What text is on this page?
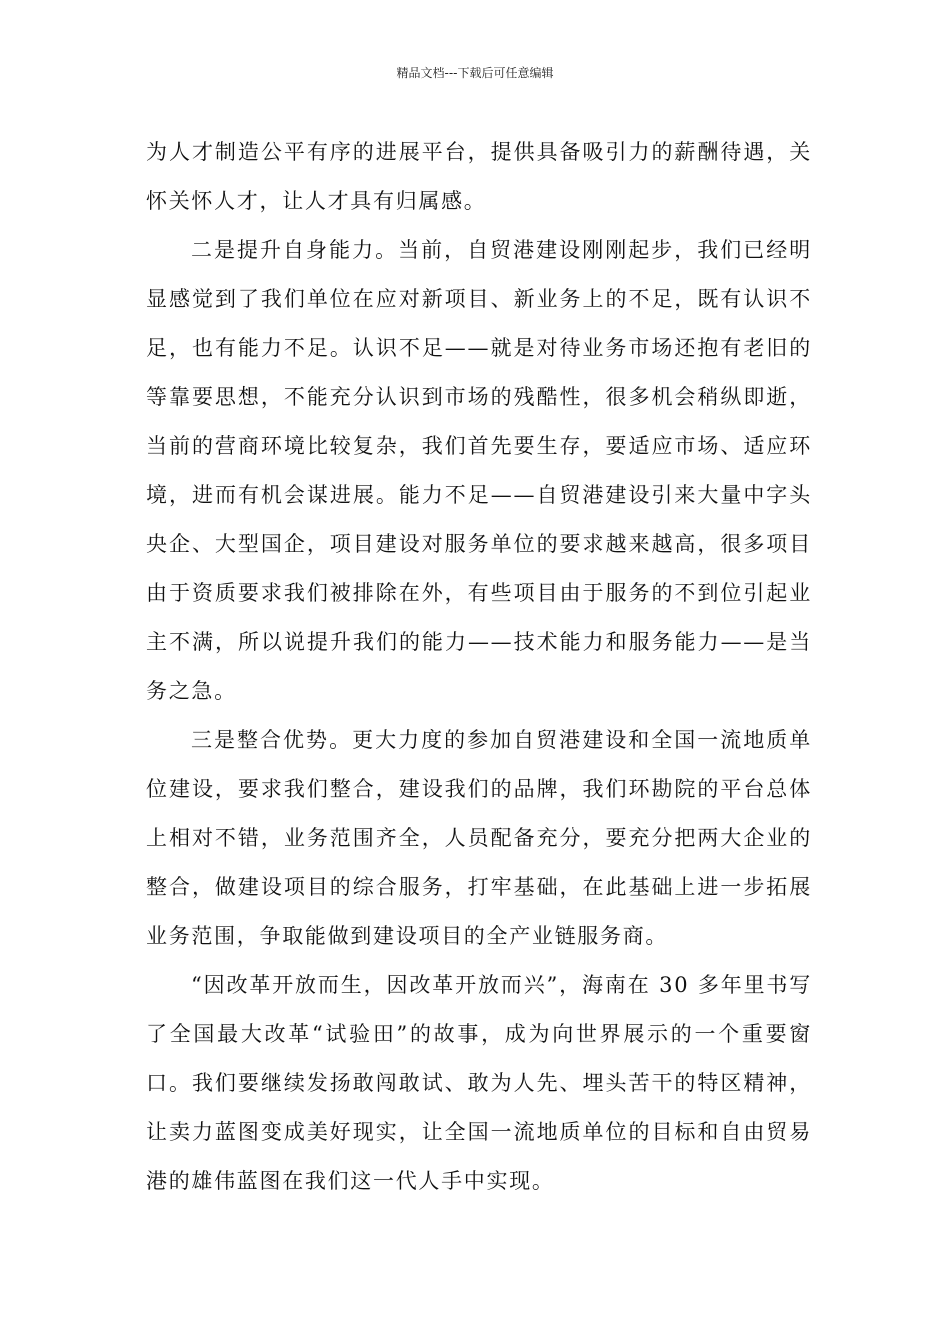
精品文档---下载后可任意编辑

为人才制造公平有序的进展平台，提供具备吸引力的薪酬待遇，关怀关怀人才，让人才具有归属感。

二是提升自身能力。当前，自贸港建设刚刚起步，我们已经明显感觉到了我们单位在应对新项目、新业务上的不足，既有认识不足，也有能力不足。认识不足——就是对待业务市场还抱有老旧的等靠要思想，不能充分认识到市场的残酷性，很多机会稍纵即逝，当前的营商环境比较复杂，我们首先要生存，要适应市场、适应环境，进而有机会谋进展。能力不足——自贸港建设引来大量中字头央企、大型国企，项目建设对服务单位的要求越来越高，很多项目由于资质要求我们被排除在外，有些项目由于服务的不到位引起业主不满，所以说提升我们的能力——技术能力和服务能力——是当务之急。

三是整合优势。更大力度的参加自贸港建设和全国一流地质单位建设，要求我们整合，建设我们的品牌，我们环勘院的平台总体上相对不错，业务范围齐全，人员配备充分，要充分把两大企业的整合，做建设项目的综合服务，打牢基础，在此基础上进一步拓展业务范围，争取能做到建设项目的全产业链服务商。

“因改革开放而生，因改革开放而兴”，海南在 30 多年里书写了全国最大改革“试验田”的故事，成为向世界展示的一个重要窗口。我们要继续发扬敢闯敢试、敢为人先、埋头苦干的特区精神，让卖力蓝图变成美好现实，让全国一流地质单位的目标和自由贸易港的雄伟蓝图在我们这一代人手中实现。
